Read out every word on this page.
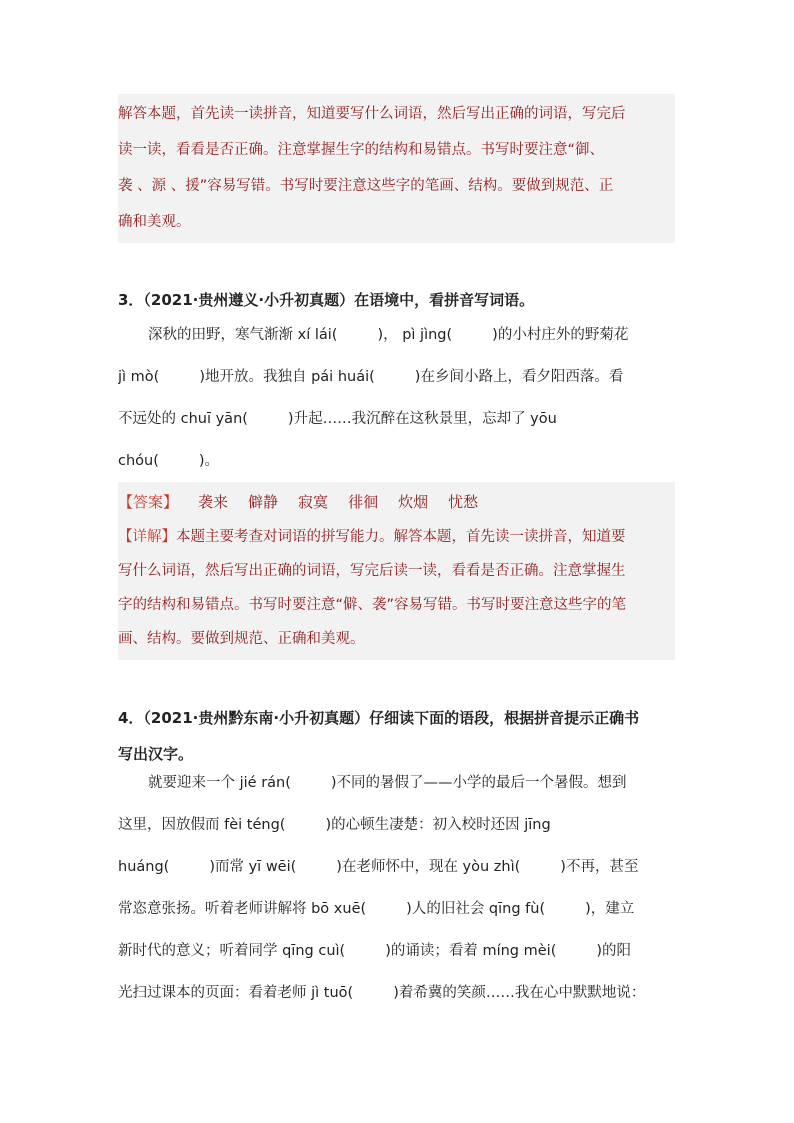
解答本题，首先读一读拼音，知道要写什么词语，然后写出正确的词语，写完后
读一读，看看是否正确。注意掌握生字的结构和易错点。书写时要注意“御、
袭 、源 、援”容易写错。书写时要注意这些字的笔画、结构。要做到规范、正
确和美观。

3．（2021·贵州遵义·小升初真题）在语境中，看拼音写词语。

深秋的田野，寒气渐渐 xí lái(	)， pì jìng(	)的小村庄外的野菊花
jì mò(	)地开放。我独自 pái huái(	)在乡间小路上，看夕阳西落。看
不远处的 chuī yān(	)升起……我沉醉在这秋景里，忘却了 yōu
chóu(	)。
【答案】 袭来 僻静 寂寞 徘徊 炊烟 忧愁

【详解】本题主要考查对词语的拼写能力。解答本题，首先读一读拼音，知道要
写什么词语，然后写出正确的词语，写完后读一读，看看是否正确。注意掌握生
字的结构和易错点。书写时要注意“僻、袭”容易写错。书写时要注意这些字的笔
画、结构。要做到规范、正确和美观。

4．（2021·贵州黔东南·小升初真题）仔细读下面的语段，根据拼音提示正确书
写出汉字。
就要迎来一个 jié rán(	)不同的暑假了——小学的最后一个暑假。想到
这里，因放假而 fèi téng(	)的心顿生凄楚：初入校时还因 jīng
huáng(	)而常 yī wēi(	)在老师怀中，现在 yòu zhì(	)不再，甚至
常恣意张扬。听着老师讲解将 bō xuē(	)人的旧社会 qīng fù(	)，建立
新时代的意义；听着同学 qīng cuì(	)的诵读；看着 míng mèi(	)的阳
光扫过课本的页面：看着老师 jì tuō(	)着希冀的笑颜……我在心中默默地说：
